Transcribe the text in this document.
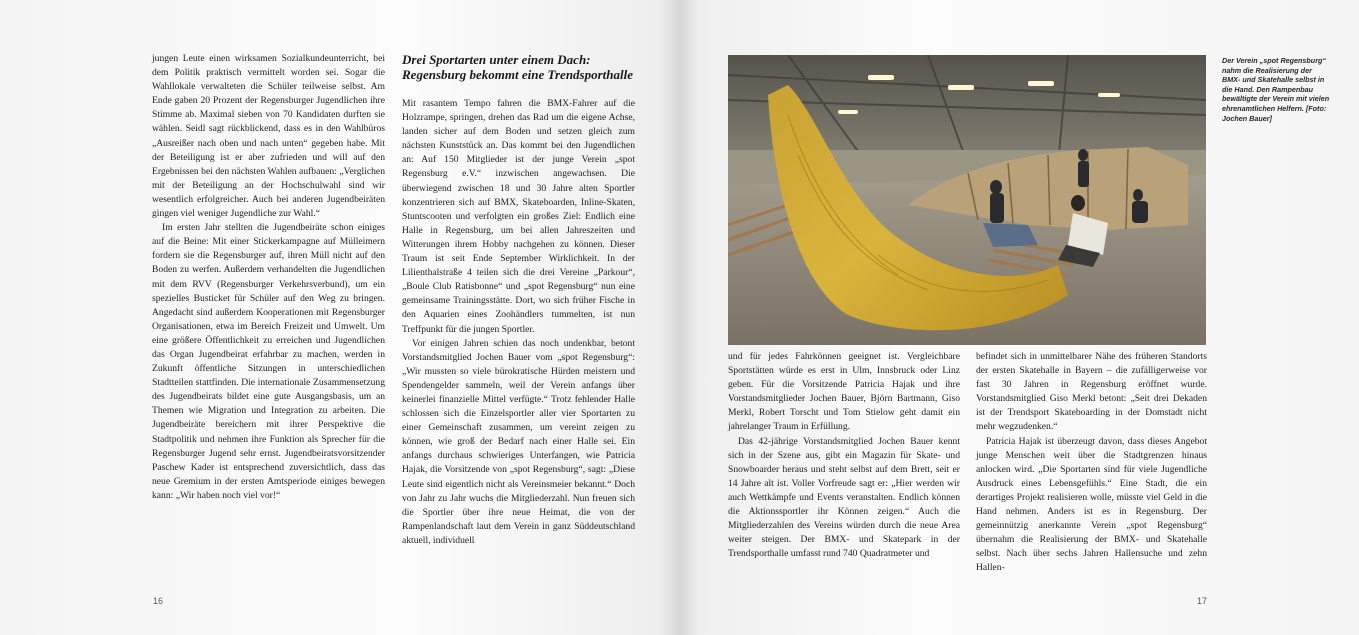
jungen Leute einen wirksamen Sozialkundeunterricht, bei dem Politik praktisch vermittelt worden sei. Sogar die Wahllokale verwalteten die Schüler teilweise selbst. Am Ende gaben 20 Prozent der Regensburger Jugendlichen ihre Stimme ab. Maximal sieben von 70 Kandidaten durften sie wählen. Seidl sagt rückblickend, dass es in den Wahlbüros „Ausreißer nach oben und nach unten“ gegeben habe. Mit der Beteiligung ist er aber zufrieden und will auf den Ergebnissen bei den nächsten Wahlen aufbauen: „Verglichen mit der Beteiligung an der Hochschulwahl sind wir wesentlich erfolgreicher. Auch bei anderen Jugendbeiräten gingen viel weniger Jugendliche zur Wahl.“

Im ersten Jahr stellten die Jugendbeiräte schon einiges auf die Beine: Mit einer Stickerkampagne auf Mülleimern fordern sie die Regensburger auf, ihren Müll nicht auf den Boden zu werfen. Außerdem verhandelten die Jugendlichen mit dem RVV (Regensburger Verkehrsverbund), um ein spezielles Busticket für Schüler auf den Weg zu bringen. Angedacht sind außerdem Kooperationen mit Regensburger Organisationen, etwa im Bereich Freizeit und Umwelt. Um eine größere Öffentlichkeit zu erreichen und Jugendlichen das Organ Jugendbeirat erfahrbar zu machen, werden in Zukunft öffentliche Sitzungen in unterschiedlichen Stadtteilen stattfinden. Die internationale Zusammensetzung des Jugendbeirats bildet eine gute Ausgangsbasis, um an Themen wie Migration und Integration zu arbeiten. Die Jugendbeiräte bereichern mit ihrer Perspektive die Stadtpolitik und nehmen ihre Funktion als Sprecher für die Regensburger Jugend sehr ernst. Jugendbeiratsvorsitzender Paschew Kader ist entsprechend zuversichtlich, dass das neue Gremium in der ersten Amtsperiode einiges bewegen kann: „Wir haben noch viel vor!“

Drei Sportarten unter einem Dach: Regensburg bekommt eine Trendsporthalle

Mit rasantem Tempo fahren die BMX-Fahrer auf die Holzrampe, springen, drehen das Rad um die eigene Achse, landen sicher auf dem Boden und setzen gleich zum nächsten Kunststück an. Das kommt bei den Jugendlichen an: Auf 150 Mitglieder ist der junge Verein „spot Regensburg e.V.“ inzwischen angewachsen. Die überwiegend zwischen 18 und 30 Jahre alten Sportler konzentrieren sich auf BMX, Skateboarden, Inline-Skaten, Stuntscooten und verfolgten ein großes Ziel: Endlich eine Halle in Regensburg, um bei allen Jahreszeiten und Witterungen ihrem Hobby nachgehen zu können. Dieser Traum ist seit Ende September Wirklichkeit. In der Lilienthalstraße 4 teilen sich die drei Vereine „Parkour“, „Boule Club Ratisbonne“ und „spot Regensburg“ nun eine gemeinsame Trainingsstätte. Dort, wo sich früher Fische in den Aquarien eines Zoohändlers tummelten, ist nun Treffpunkt für die jungen Sportler.

Vor einigen Jahren schien das noch undenkbar, betont Vorstandsmitglied Jochen Bauer vom „spot Regensburg“: „Wir mussten so viele bürokratische Hürden meistern und Spendengelder sammeln, weil der Verein anfangs über keinerlei finanzielle Mittel verfügte.“ Trotz fehlender Halle schlossen sich die Einzelsportler aller vier Sportarten zu einer Gemeinschaft zusammen, um vereint zeigen zu können, wie groß der Bedarf nach einer Halle sei. Ein anfangs durchaus schwieriges Unterfangen, wie Patricia Hajak, die Vorsitzende von „spot Regensburg“, sagt: „Diese Leute sind eigentlich nicht als Vereinsmeier bekannt.“ Doch von Jahr zu Jahr wuchs die Mitgliederzahl. Nun freuen sich die Sportler über ihre neue Heimat, die von der Rampenlandschaft laut dem Verein in ganz Süddeutschland aktuell, individuell

16
Der Verein „spot Regensburg“ nahm die Realisierung der BMX- und Skatehalle selbst in die Hand. Den Rampenbau bewältigte der Verein mit vielen ehrenamtlichen Helfern. [Foto: Jochen Bauer]

und für jedes Fahrkönnen geeignet ist. Vergleichbare Sportstätten würde es erst in Ulm, Innsbruck oder Linz geben. Für die Vorsitzende Patricia Hajak und ihre Vorstandsmitglieder Jochen Bauer, Björn Bartmann, Giso Merkl, Robert Torscht und Tom Stielow geht damit ein jahrelanger Traum in Erfüllung.

Das 42-jährige Vorstandsmitglied Jochen Bauer kennt sich in der Szene aus, gibt ein Magazin für Skate- und Snowboarder heraus und steht selbst auf dem Brett, seit er 14 Jahre alt ist. Voller Vorfreude sagt er: „Hier werden wir auch Wettkämpfe und Events veranstalten. Endlich können die Aktionssportler ihr Können zeigen.“ Auch die Mitgliederzahlen des Vereins würden durch die neue Area weiter steigen. Der BMX- und Skatepark in der Trendsporthalle umfasst rund 740 Quadratmeter und

befindet sich in unmittelbarer Nähe des früheren Standorts der ersten Skatehalle in Bayern – die zufälligerweise vor fast 30 Jahren in Regensburg eröffnet wurde. Vorstandsmitglied Giso Merkl betont: „Seit drei Dekaden ist der Trendsport Skateboarding in der Domstadt nicht mehr wegzudenken.“

Patricia Hajak ist überzeugt davon, dass dieses Angebot junge Menschen weit über die Stadtgrenzen hinaus anlocken wird. „Die Sportarten sind für viele Jugendliche Ausdruck eines Lebensgefühls.“ Eine Stadt, die ein derartiges Projekt realisieren wolle, müsste viel Geld in die Hand nehmen. Anders ist es in Regensburg. Der gemeinnützig anerkannte Verein „spot Regensburg“ übernahm die Realisierung der BMX- und Skatehalle selbst. Nach über sechs Jahren Hallensuche und zehn Hallen-

17
